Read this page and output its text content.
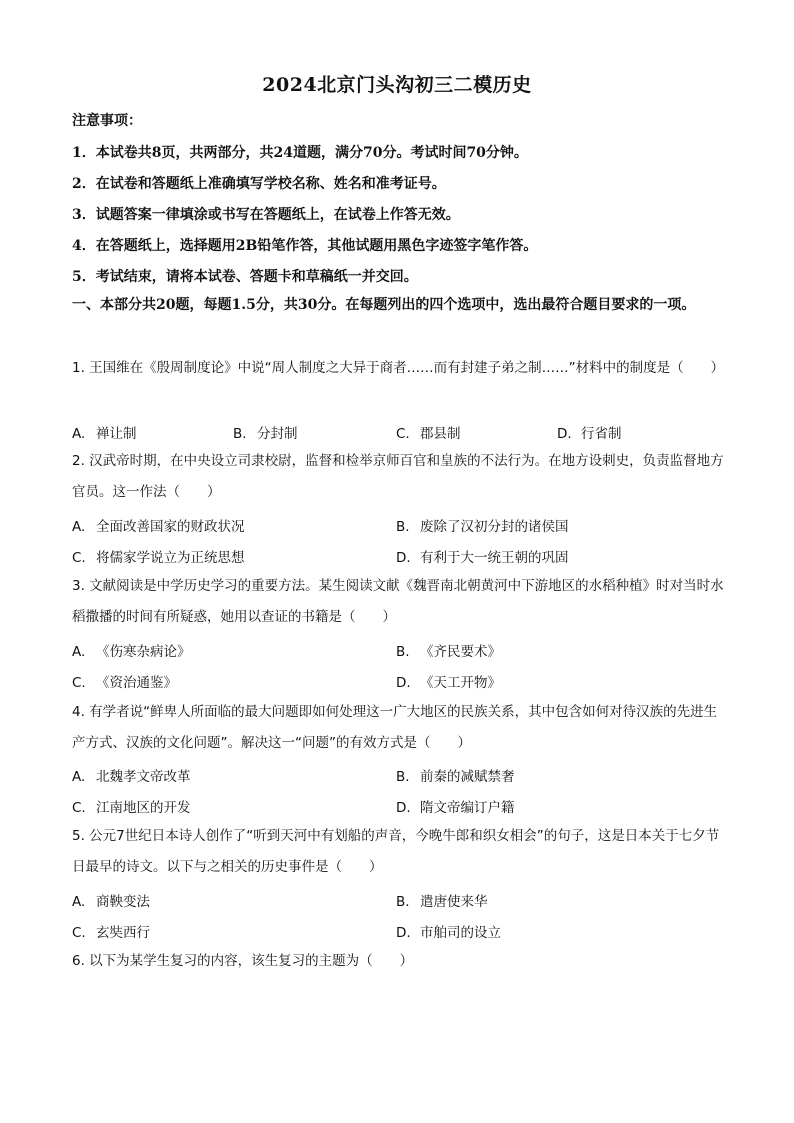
2024北京门头沟初三二模历史
注意事项：
1．本试卷共8页，共两部分，共24道题，满分70分。考试时间70分钟。
2．在试卷和答题纸上准确填写学校名称、姓名和准考证号。
3．试题答案一律填涂或书写在答题纸上，在试卷上作答无效。
4．在答题纸上，选择题用2B铅笔作答，其他试题用黑色字迹签字笔作答。
5．考试结束，请将本试卷、答题卡和草稿纸一并交回。
一、本部分共20题，每题1.5分，共30分。在每题列出的四个选项中，选出最符合题目要求的一项。
1. 王国维在《殷周制度论》中说“周人制度之大异于商者……而有封建子弟之制……”材料中的制度是（　　）
A. 禅让制	B. 分封制	C. 郡县制	D. 行省制
2. 汉武帝时期，在中央设立司隶校尉，监督和检举京师百官和皇族的不法行为。在地方设刺史，负责监督地方官员。这一作法（　　）
A. 全面改善国家的财政状况	B. 废除了汉初分封的诸侯国
C. 将儒家学说立为正统思想	D. 有利于大一统王朝的巩固
3. 文献阅读是中学历史学习的重要方法。某生阅读文献《魏晋南北朝黄河中下游地区的水稻种植》时对当时水稻撒播的时间有所疑惑，她用以查证的书籍是（　　）
A. 《伤寒杂病论》	B. 《齐民要术》
C. 《资治通鉴》	D. 《天工开物》
4. 有学者说“鲜卑人所面临的最大问题即如何处理这一广大地区的民族关系，其中包含如何对待汉族的先进生产方式、汉族的文化问题”。解决这一“问题”的有效方式是（　　）
A. 北魏孝文帝改革	B. 前秦的减赋禁奢
C. 江南地区的开发	D. 隋文帝编订户籍
5. 公元7世纪日本诗人创作了“听到天河中有划船的声音，今晚牛郎和织女相会”的句子，这是日本关于七夕节日最早的诗文。以下与之相关的历史事件是（　　）
A. 商鞅变法	B. 遣唐使来华
C. 玄奘西行	D. 市舶司的设立
6. 以下为某学生复习的内容，该生复习的主题为（　　）
